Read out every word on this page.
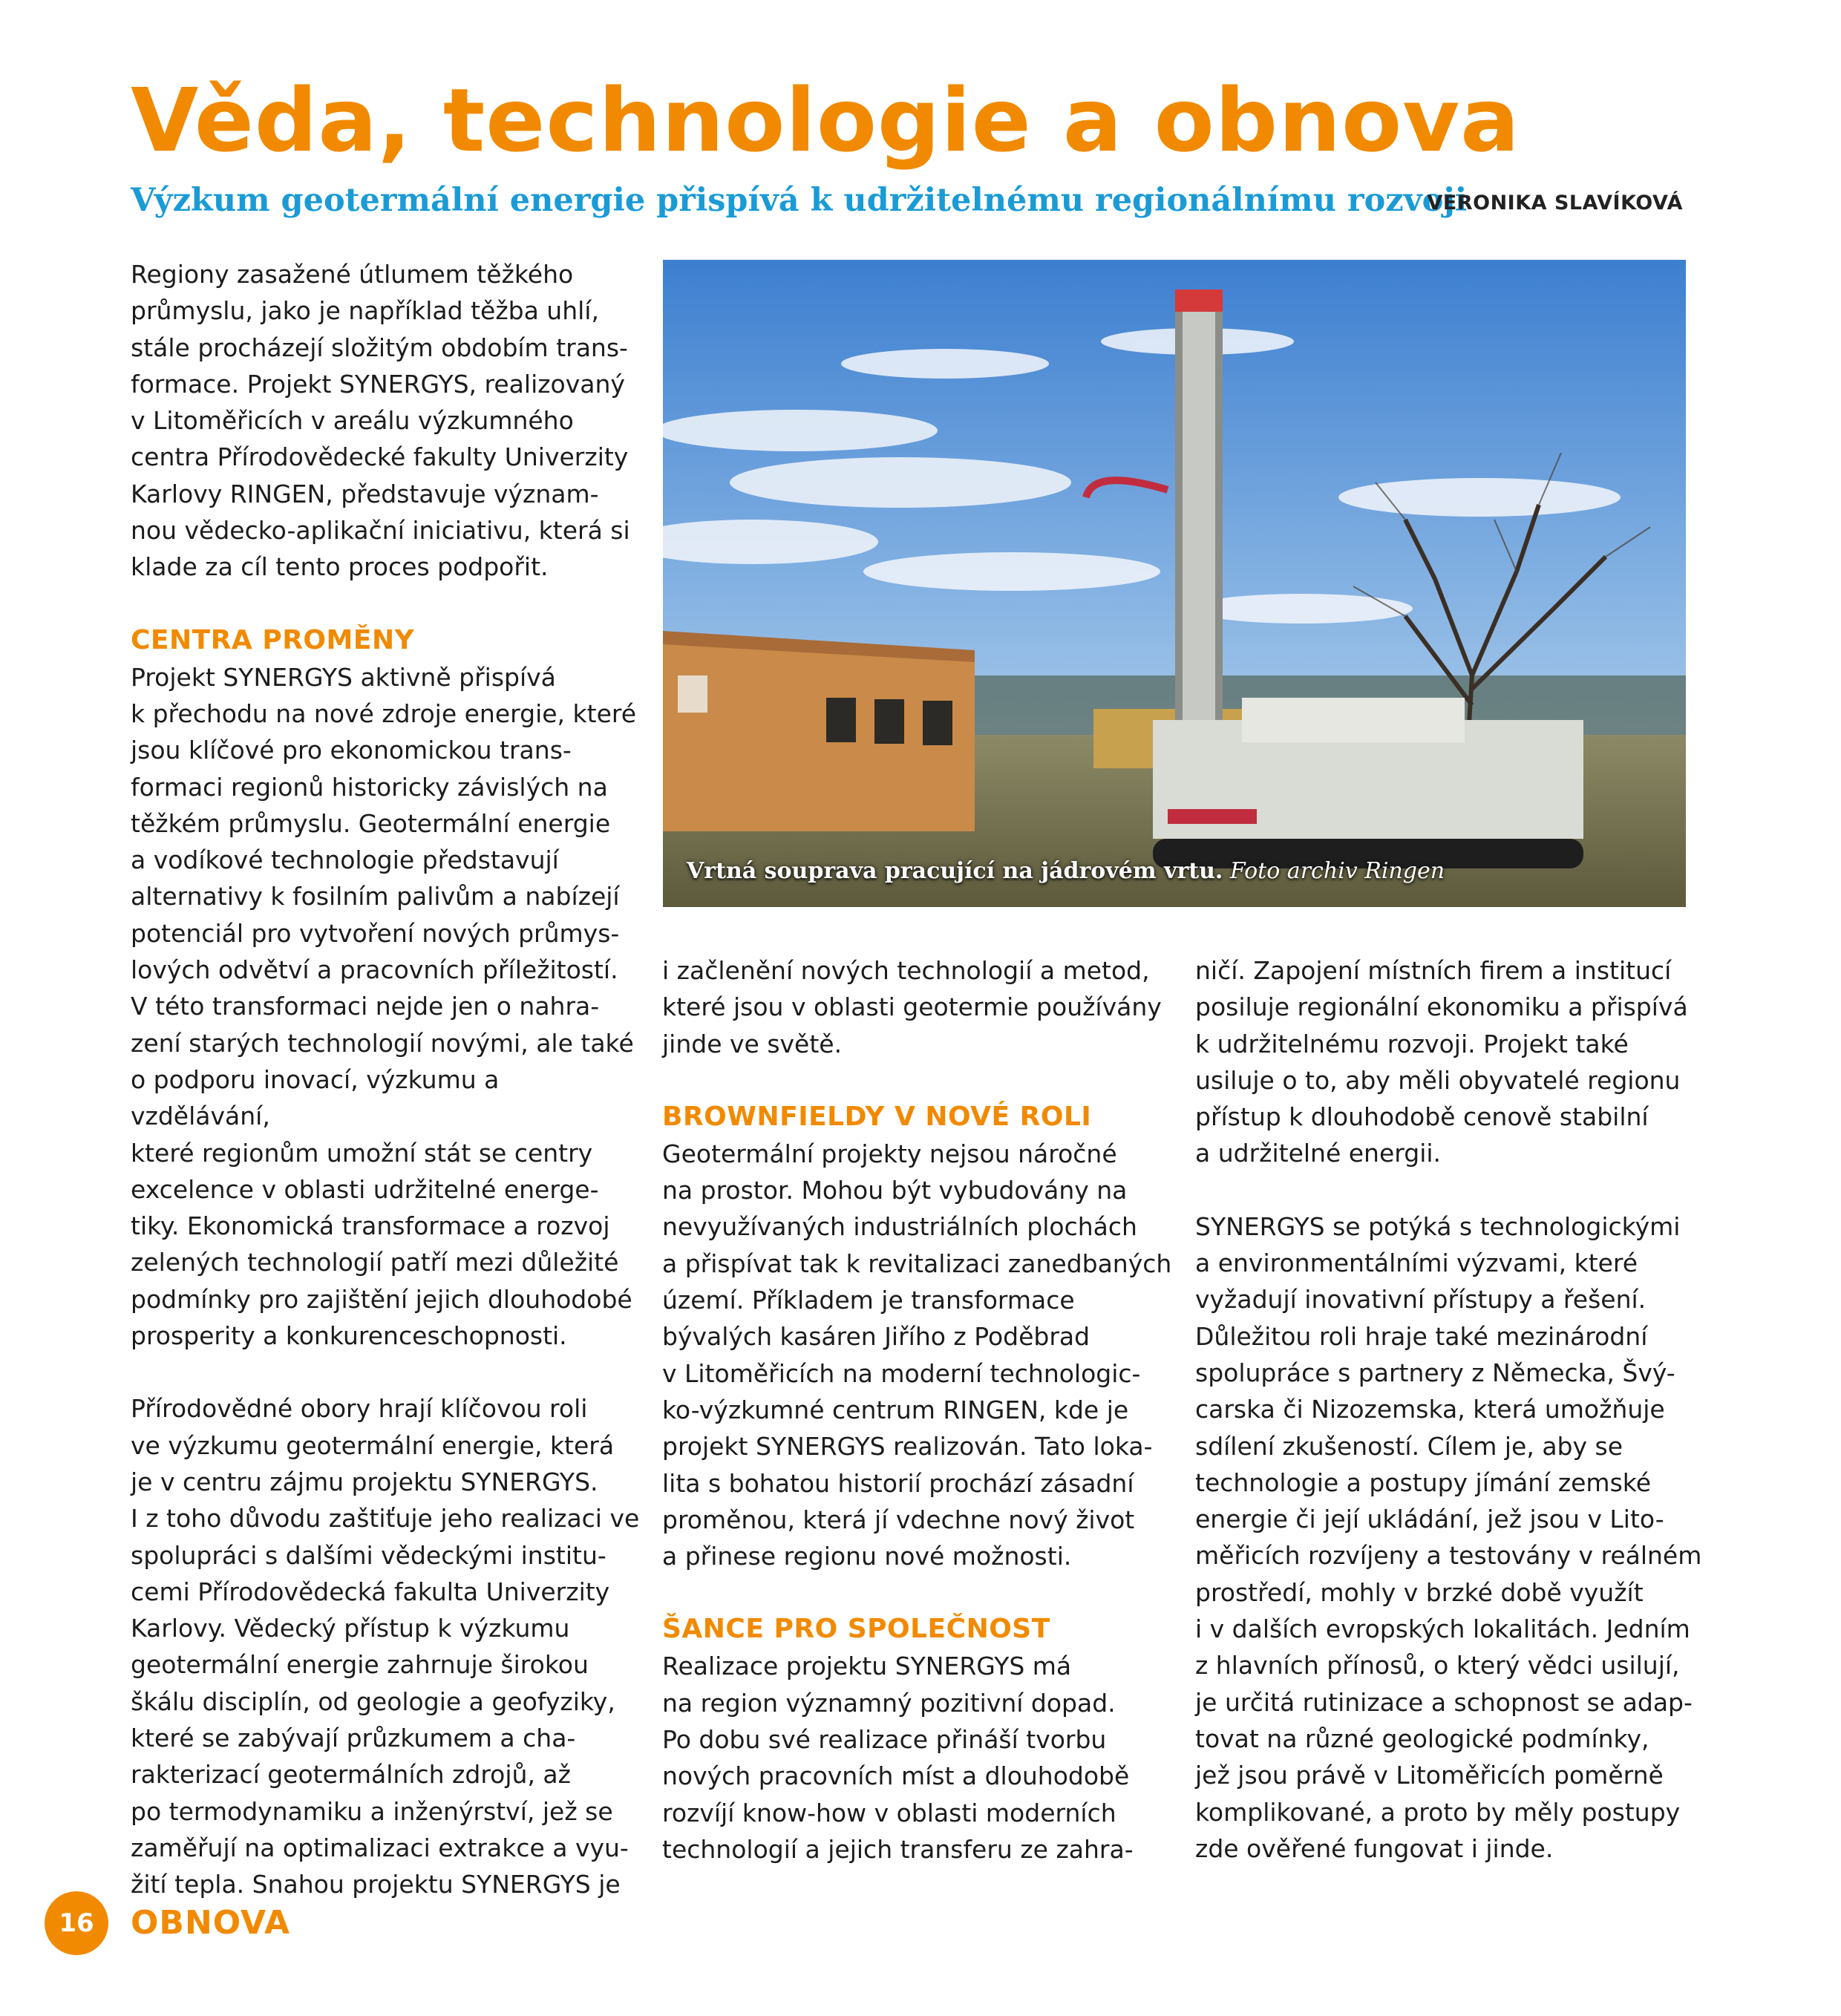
Věda, technologie a obnova
Výzkum geotermální energie přispívá k udržitelnému regionálnímu rozvoji
VERONIKA SLAVÍKOVÁ

Regiony zasažené útlumem těžkého
průmyslu, jako je například těžba uhlí,
stále procházejí složitým obdobím trans-
formace. Projekt SYNERGYS, realizovaný
v Litoměřicích v areálu výzkumného
centra Přírodovědecké fakulty Univerzity
Karlovy RINGEN, představuje význam-
nou vědecko-aplikační iniciativu, která si
klade za cíl tento proces podpořit.

CENTRA PROMĚNY

Projekt SYNERGYS aktivně přispívá
k přechodu na nové zdroje energie, které
jsou klíčové pro ekonomickou trans-
formaci regionů historicky závislých na
těžkém průmyslu. Geotermální energie
a vodíkové technologie představují
alternativy k fosilním palivům a nabízejí
potenciál pro vytvoření nových průmys-
lových odvětví a pracovních příležitostí.
V této transformaci nejde jen o nahra-
zení starých technologií novými, ale také
o podporu inovací, výzkumu a vzdělávání,
které regionům umožní stát se centry
excelence v oblasti udržitelné energe-
tiky. Ekonomická transformace a rozvoj
zelených technologií patří mezi důležité
podmínky pro zajištění jejich dlouhodobé
prosperity a konkurenceschopnosti.

Přírodovědné obory hrají klíčovou roli
ve výzkumu geotermální energie, která
je v centru zájmu projektu SYNERGYS.
I z toho důvodu zaštiťuje jeho realizaci ve
spolupráci s dalšími vědeckými institu-
cemi Přírodovědecká fakulta Univerzity
Karlovy. Vědecký přístup k výzkumu
geotermální energie zahrnuje širokou
škálu disciplín, od geologie a geofyziky,
které se zabývají průzkumem a cha-
rakterizací geotermálních zdrojů, až
po termodynamiku a inženýrství, jež se
zaměřují na optimalizaci extrakce a vyu-
žití tepla. Snahou projektu SYNERGYS je

Vrtná souprava pracující na jádrovém vrtu. Foto archiv Ringen

i začlenění nových technologií a metod,
které jsou v oblasti geotermie používány
jinde ve světě.

BROWNFIELDY V NOVÉ ROLI

Geotermální projekty nejsou náročné
na prostor. Mohou být vybudovány na
nevyužívaných industriálních plochách
a přispívat tak k revitalizaci zanedbaných
území. Příkladem je transformace
bývalých kasáren Jiřího z Poděbrad
v Litoměřicích na moderní technologic-
ko-výzkumné centrum RINGEN, kde je
projekt SYNERGYS realizován. Tato loka-
lita s bohatou historií prochází zásadní
proměnou, která jí vdechne nový život
a přinese regionu nové možnosti.

ŠANCE PRO SPOLEČNOST

Realizace projektu SYNERGYS má
na region významný pozitivní dopad.
Po dobu své realizace přináší tvorbu
nových pracovních míst a dlouhodobě
rozvíjí know-how v oblasti moderních
technologií a jejich transferu ze zahra-

ničí. Zapojení místních firem a institucí
posiluje regionální ekonomiku a přispívá
k udržitelnému rozvoji. Projekt také
usiluje o to, aby měli obyvatelé regionu
přístup k dlouhodobě cenově stabilní
a udržitelné energii.

SYNERGYS se potýká s technologickými
a environmentálními výzvami, které
vyžadují inovativní přístupy a řešení.
Důležitou roli hraje také mezinárodní
spolupráce s partnery z Německa, Švý-
carska či Nizozemska, která umožňuje
sdílení zkušeností. Cílem je, aby se
technologie a postupy jímání zemské
energie či její ukládání, jež jsou v Lito-
měřicích rozvíjeny a testovány v reálném
prostředí, mohly v brzké době využít
i v dalších evropských lokalitách. Jedním
z hlavních přínosů, o který vědci usilují,
je určitá rutinizace a schopnost se adap-
tovat na různé geologické podmínky,
jež jsou právě v Litoměřicích poměrně
komplikované, a proto by měly postupy
zde ověřené fungovat i jinde.

16	OBNOVA
